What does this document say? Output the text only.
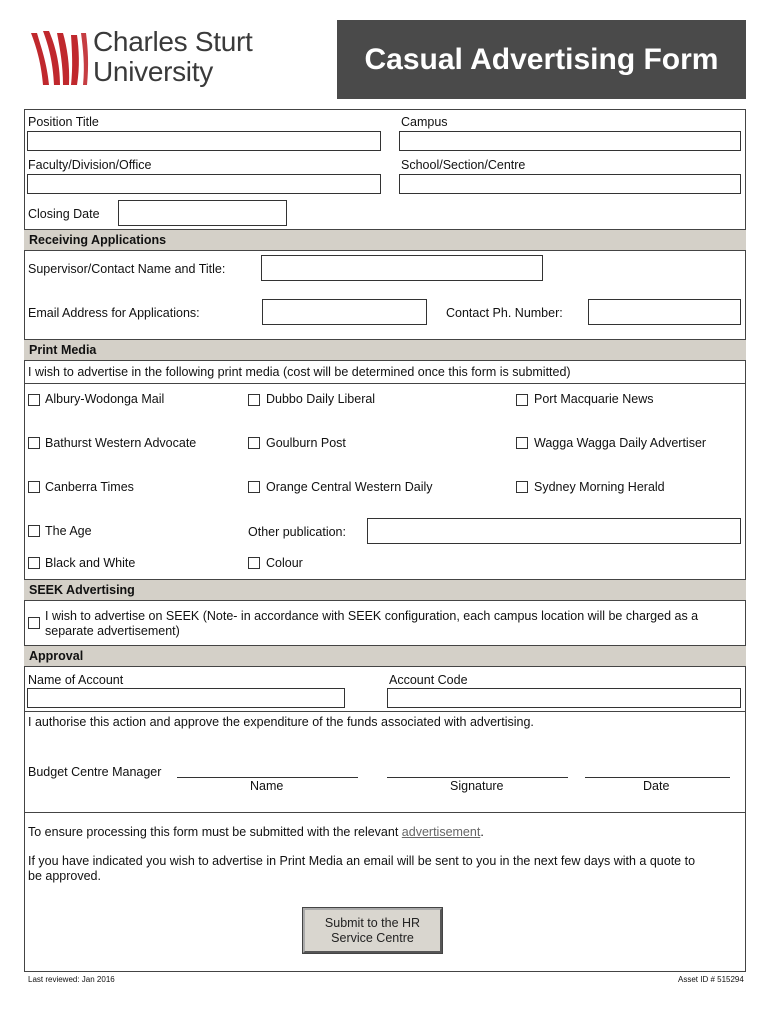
Charles Sturt
University	Casual Advertising Form
Position Title	Campus
Faculty/Division/Office	School/Section/Centre
Closing Date
Receiving Applications
Supervisor/Contact Name and Title:
Email Address for Applications:	Contact Ph. Number:
Print Media
I wish to advertise in the following print media (cost will be determined once this form is submitted)
Albury-Wodonga Mail	Dubbo Daily Liberal	Port Macquarie News
Bathurst Western Advocate	Goulburn Post	Wagga Wagga Daily Advertiser
Canberra Times	Orange Central Western Daily	Sydney Morning Herald
The Age	Other publication:
Black and White	Colour
SEEK Advertising
I wish to advertise on SEEK (Note- in accordance with SEEK configuration, each campus location will be charged as a
separate advertisement)
Approval
Name of Account	Account Code
I authorise this action and approve the expenditure of the funds associated with advertising.
Budget Centre Manager
Name	Signature	Date
To ensure processing this form must be submitted with the relevant advertisement.
If you have indicated you wish to advertise in Print Media an email will be sent to you in the next few days with a quote to
be approved.
Submit to the HR
Service Centre
Last reviewed: Jan 2016	Asset ID # 515294
